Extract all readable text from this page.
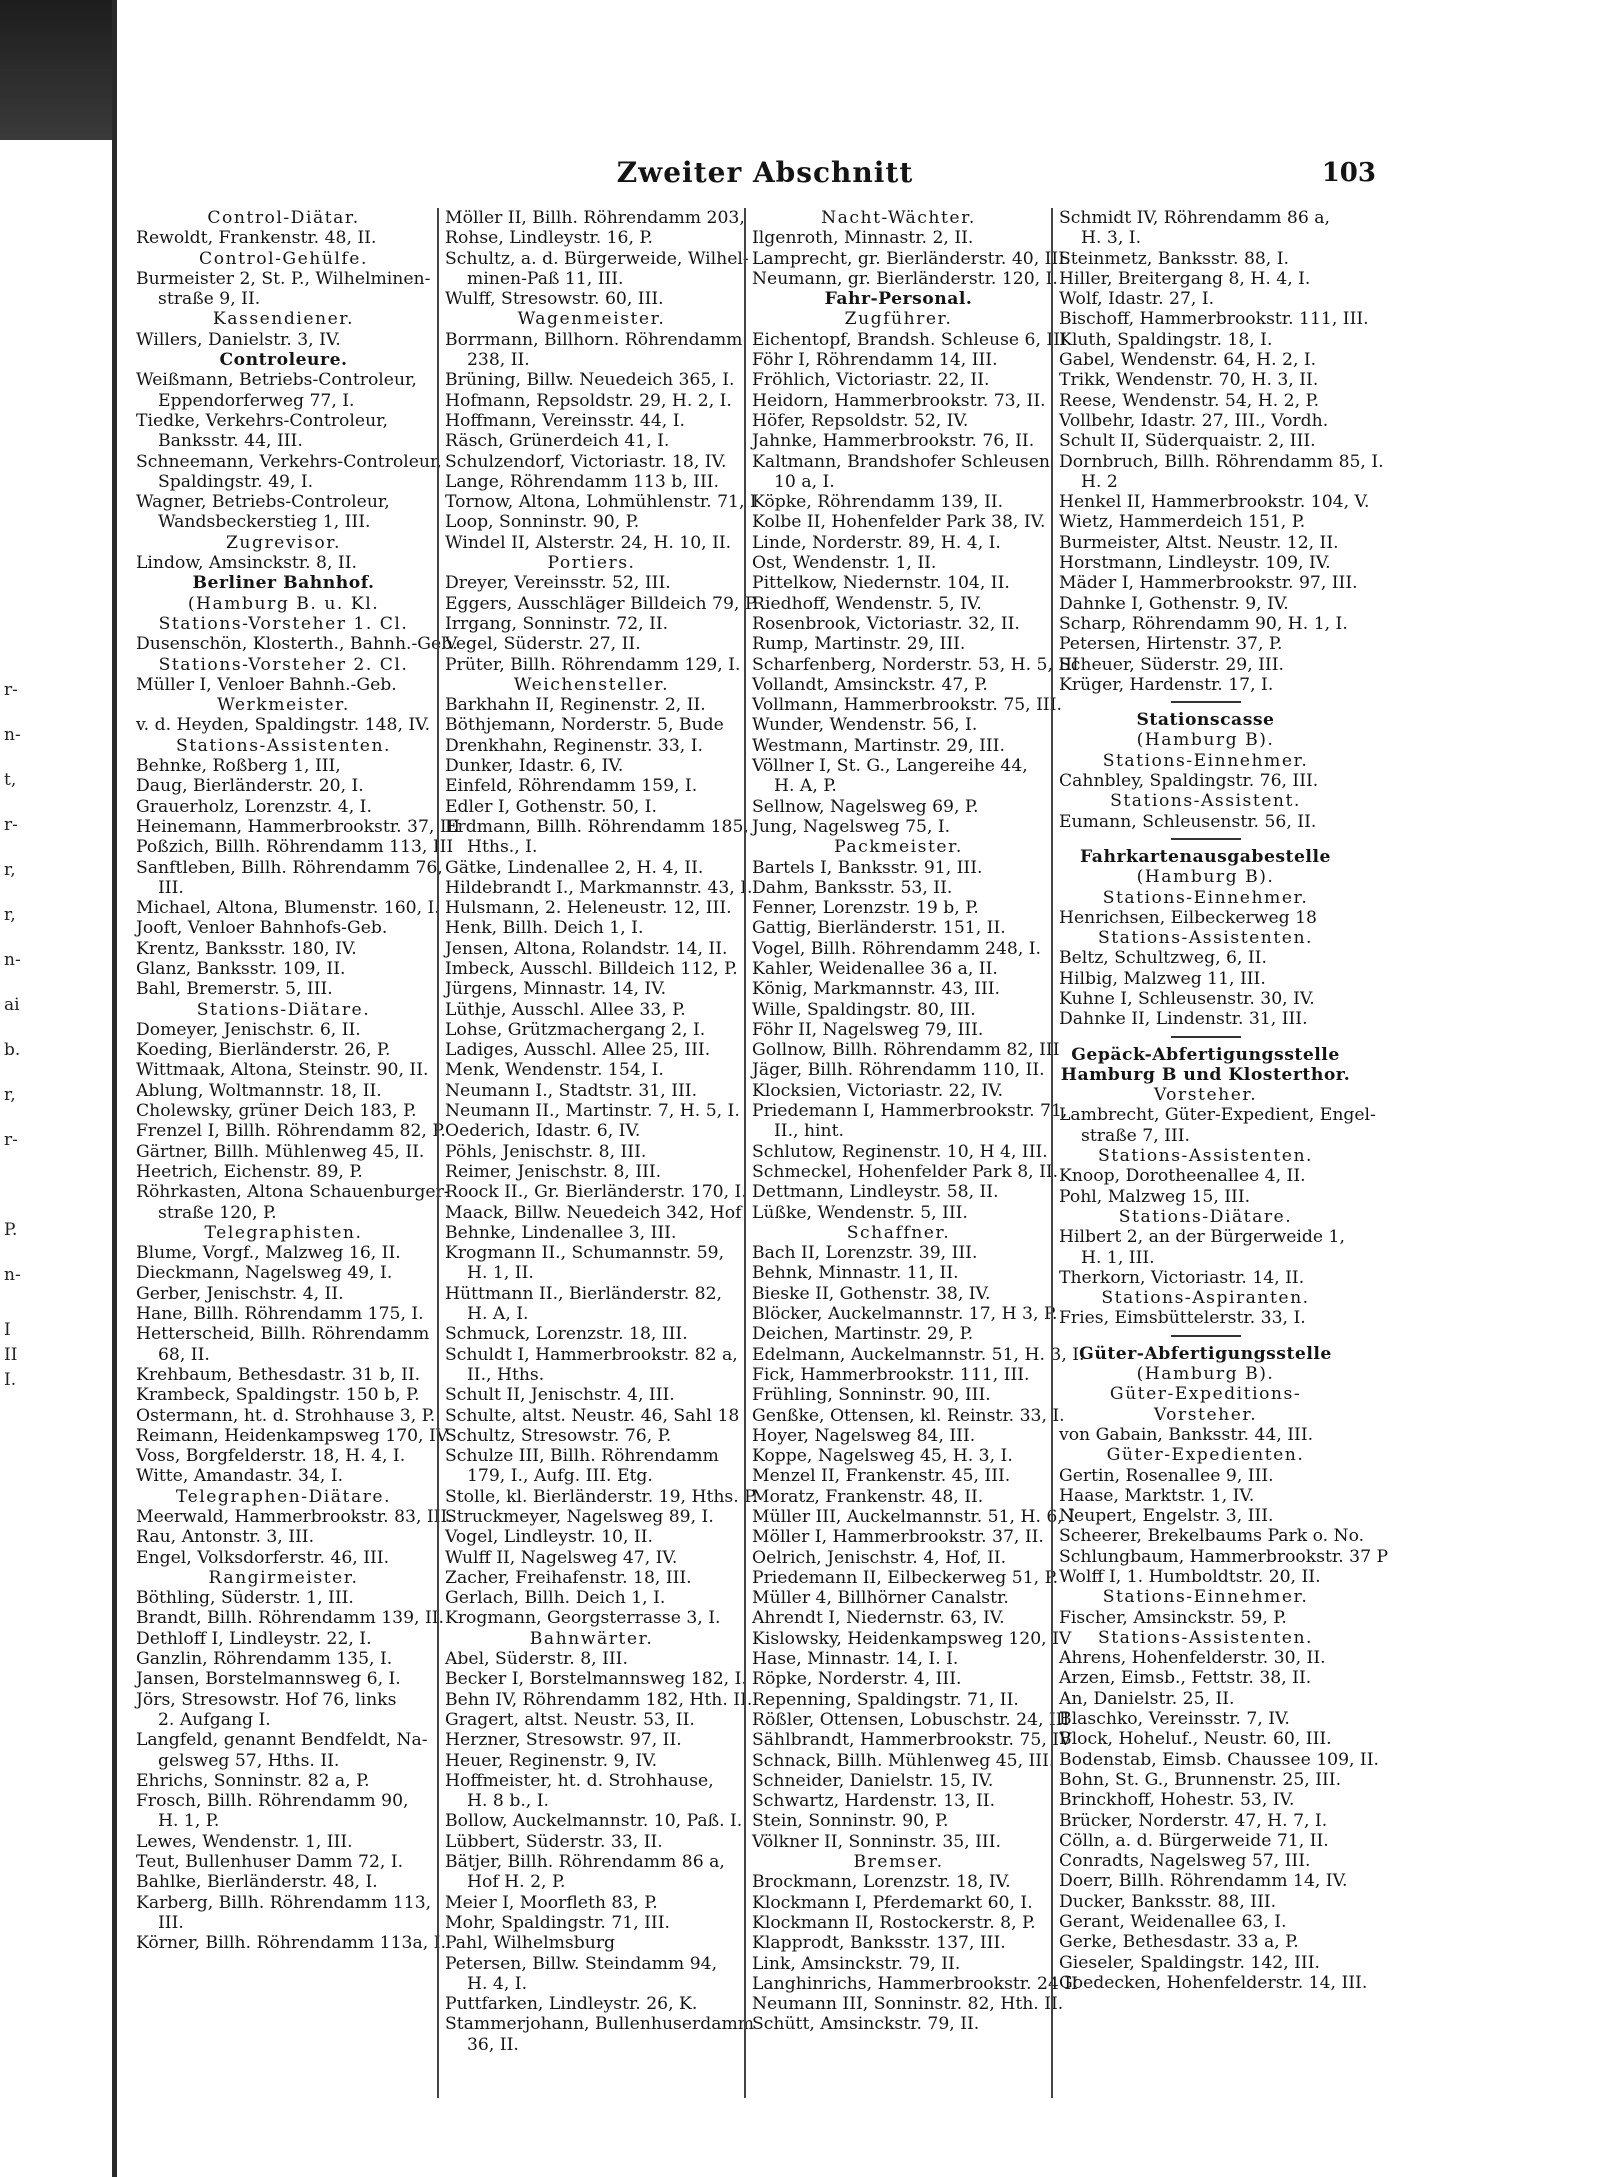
r-
n-
t,
r-
r,
r,
n-
ai
b.
r,
r-
P.
n-
I
II
I.
Zweiter Abschnitt	103
Control-Diätar.
Rewoldt, Frankenstr. 48, II.
Control-Gehülfe.
Burmeister 2, St. P., Wilhelminen-
straße 9, II.
Kassendiener.
Willers, Danielstr. 3, IV.
Controleure.
Weißmann, Betriebs-Controleur,
Eppendorferweg 77, I.
Tiedke, Verkehrs-Controleur,
Banksstr. 44, III.
Schneemann, Verkehrs-Controleur,
Spaldingstr. 49, I.
Wagner, Betriebs-Controleur,
Wandsbeckerstieg 1, III.
Zugrevisor.
Lindow, Amsinckstr. 8, II.
Berliner Bahnhof.
(Hamburg B. u. Kl.
Stations-Vorsteher 1. Cl.
Dusenschön, Klosterth., Bahnh.-Geb.
Stations-Vorsteher 2. Cl.
Müller I, Venloer Bahnh.-Geb.
Werkmeister.
v. d. Heyden, Spaldingstr. 148, IV.
Stations-Assistenten.
Behnke, Roßberg 1, III,
Daug, Bierländerstr. 20, I.
Grauerholz, Lorenzstr. 4, I.
Heinemann, Hammerbrookstr. 37, III
Poßzich, Billh. Röhrendamm 113, III
Sanftleben, Billh. Röhrendamm 76,
III.
Michael, Altona, Blumenstr. 160, I.
Jooft, Venloer Bahnhofs-Geb.
Krentz, Banksstr. 180, IV.
Glanz, Banksstr. 109, II.
Bahl, Bremerstr. 5, III.
Stations-Diätare.
Domeyer, Jenischstr. 6, II.
Koeding, Bierländerstr. 26, P.
Wittmaak, Altona, Steinstr. 90, II.
Ablung, Woltmannstr. 18, II.
Cholewsky, grüner Deich 183, P.
Frenzel I, Billh. Röhrendamm 82, P.
Gärtner, Billh. Mühlenweg 45, II.
Heetrich, Eichenstr. 89, P.
Röhrkasten, Altona Schauenburger-
straße 120, P.
Telegraphisten.
Blume, Vorgf., Malzweg 16, II.
Dieckmann, Nagelsweg 49, I.
Gerber, Jenischstr. 4, II.
Hane, Billh. Röhrendamm 175, I.
Hetterscheid, Billh. Röhrendamm
68, II.
Krehbaum, Bethesdastr. 31 b, II.
Krambeck, Spaldingstr. 150 b, P.
Ostermann, ht. d. Strohhause 3, P.
Reimann, Heidenkampsweg 170, IV.
Voss, Borgfelderstr. 18, H. 4, I.
Witte, Amandastr. 34, I.
Telegraphen-Diätare.
Meerwald, Hammerbrookstr. 83, III.
Rau, Antonstr. 3, III.
Engel, Volksdorferstr. 46, III.
Rangirmeister.
Böthling, Süderstr. 1, III.
Brandt, Billh. Röhrendamm 139, II.
Dethloff I, Lindleystr. 22, I.
Ganzlin, Röhrendamm 135, I.
Jansen, Borstelmannsweg 6, I.
Jörs, Stresowstr. Hof 76, links
2. Aufgang I.
Langfeld, genannt Bendfeldt, Na-
gelsweg 57, Hths. II.
Ehrichs, Sonninstr. 82 a, P.
Frosch, Billh. Röhrendamm 90,
H. 1, P.
Lewes, Wendenstr. 1, III.
Teut, Bullenhuser Damm 72, I.
Bahlke, Bierländerstr. 48, I.
Karberg, Billh. Röhrendamm 113,
III.
Körner, Billh. Röhrendamm 113a, I.
Möller II, Billh. Röhrendamm 203,
Rohse, Lindleystr. 16, P.
Schultz, a. d. Bürgerweide, Wilhel-
minen-Paß 11, III.
Wulff, Stresowstr. 60, III.
Wagenmeister.
Borrmann, Billhorn. Röhrendamm
238, II.
Brüning, Billw. Neuedeich 365, I.
Hofmann, Repsoldstr. 29, H. 2, I.
Hoffmann, Vereinsstr. 44, I.
Räsch, Grünerdeich 41, I.
Schulzendorf, Victoriastr. 18, IV.
Lange, Röhrendamm 113 b, III.
Tornow, Altona, Lohmühlenstr. 71, I
Loop, Sonninstr. 90, P.
Windel II, Alsterstr. 24, H. 10, II.
Portiers.
Dreyer, Vereinsstr. 52, III.
Eggers, Ausschläger Billdeich 79, P.
Irrgang, Sonninstr. 72, II.
Vegel, Süderstr. 27, II.
Prüter, Billh. Röhrendamm 129, I.
Weichensteller.
Barkhahn II, Reginenstr. 2, II.
Böthjemann, Norderstr. 5, Bude
Drenkhahn, Reginenstr. 33, I.
Dunker, Idastr. 6, IV.
Einfeld, Röhrendamm 159, I.
Edler I, Gothenstr. 50, I.
Erdmann, Billh. Röhrendamm 185,
Hths., I.
Gätke, Lindenallee 2, H. 4, II.
Hildebrandt I., Markmannstr. 43, I.
Hulsmann, 2. Heleneustr. 12, III.
Henk, Billh. Deich 1, I.
Jensen, Altona, Rolandstr. 14, II.
Imbeck, Ausschl. Billdeich 112, P.
Jürgens, Minnastr. 14, IV.
Lüthje, Ausschl. Allee 33, P.
Lohse, Grützmachergang 2, I.
Ladiges, Ausschl. Allee 25, III.
Menk, Wendenstr. 154, I.
Neumann I., Stadtstr. 31, III.
Neumann II., Martinstr. 7, H. 5, I.
Oederich, Idastr. 6, IV.
Pöhls, Jenischstr. 8, III.
Reimer, Jenischstr. 8, III.
Roock II., Gr. Bierländerstr. 170, I.
Maack, Billw. Neuedeich 342, Hof
Behnke, Lindenallee 3, III.
Krogmann II., Schumannstr. 59,
H. 1, II.
Hüttmann II., Bierländerstr. 82,
H. A, I.
Schmuck, Lorenzstr. 18, III.
Schuldt I, Hammerbrookstr. 82 a,
II., Hths.
Schult II, Jenischstr. 4, III.
Schulte, altst. Neustr. 46, Sahl 18
Schultz, Stresowstr. 76, P.
Schulze III, Billh. Röhrendamm
179, I., Aufg. III. Etg.
Stolle, kl. Bierländerstr. 19, Hths. P.
Struckmeyer, Nagelsweg 89, I.
Vogel, Lindleystr. 10, II.
Wulff II, Nagelsweg 47, IV.
Zacher, Freihafenstr. 18, III.
Gerlach, Billh. Deich 1, I.
Krogmann, Georgsterrasse 3, I.
Bahnwärter.
Abel, Süderstr. 8, III.
Becker I, Borstelmannsweg 182, I.
Behn IV, Röhrendamm 182, Hth. II.
Gragert, altst. Neustr. 53, II.
Herzner, Stresowstr. 97, II.
Heuer, Reginenstr. 9, IV.
Hoffmeister, ht. d. Strohhause,
H. 8 b., I.
Bollow, Auckelmannstr. 10, Paß. I.
Lübbert, Süderstr. 33, II.
Bätjer, Billh. Röhrendamm 86 a,
Hof H. 2, P.
Meier I, Moorfleth 83, P.
Mohr, Spaldingstr. 71, III.
Pahl, Wilhelmsburg
Petersen, Billw. Steindamm 94,
H. 4, I.
Puttfarken, Lindleystr. 26, K.
Stammerjohann, Bullenhuserdamm
36, II.
Nacht-Wächter.
Ilgenroth, Minnastr. 2, II.
Lamprecht, gr. Bierländerstr. 40, III.
Neumann, gr. Bierländerstr. 120, I.
Fahr-Personal.
Zugführer.
Eichentopf, Brandsh. Schleuse 6, III.
Föhr I, Röhrendamm 14, III.
Fröhlich, Victoriastr. 22, II.
Heidorn, Hammerbrookstr. 73, II.
Höfer, Repsoldstr. 52, IV.
Jahnke, Hammerbrookstr. 76, II.
Kaltmann, Brandshofer Schleusen
10 a, I.
Köpke, Röhrendamm 139, II.
Kolbe II, Hohenfelder Park 38, IV.
Linde, Norderstr. 89, H. 4, I.
Ost, Wendenstr. 1, II.
Pittelkow, Niedernstr. 104, II.
Riedhoff, Wendenstr. 5, IV.
Rosenbrook, Victoriastr. 32, II.
Rump, Martinstr. 29, III.
Scharfenberg, Norderstr. 53, H. 5, III
Vollandt, Amsinckstr. 47, P.
Vollmann, Hammerbrookstr. 75, III.
Wunder, Wendenstr. 56, I.
Westmann, Martinstr. 29, III.
Völlner I, St. G., Langereihe 44,
H. A, P.
Sellnow, Nagelsweg 69, P.
Jung, Nagelsweg 75, I.
Packmeister.
Bartels I, Banksstr. 91, III.
Dahm, Banksstr. 53, II.
Fenner, Lorenzstr. 19 b, P.
Gattig, Bierländerstr. 151, II.
Vogel, Billh. Röhrendamm 248, I.
Kahler, Weidenallee 36 a, II.
König, Markmannstr. 43, III.
Wille, Spaldingstr. 80, III.
Föhr II, Nagelsweg 79, III.
Gollnow, Billh. Röhrendamm 82, III
Jäger, Billh. Röhrendamm 110, II.
Klocksien, Victoriastr. 22, IV.
Priedemann I, Hammerbrookstr. 71,
II., hint.
Schlutow, Reginenstr. 10, H 4, III.
Schmeckel, Hohenfelder Park 8, II.
Dettmann, Lindleystr. 58, II.
Lüßke, Wendenstr. 5, III.
Schaffner.
Bach II, Lorenzstr. 39, III.
Behnk, Minnastr. 11, II.
Bieske II, Gothenstr. 38, IV.
Blöcker, Auckelmannstr. 17, H 3, P.
Deichen, Martinstr. 29, P.
Edelmann, Auckelmannstr. 51, H. 3, I.
Fick, Hammerbrookstr. 111, III.
Frühling, Sonninstr. 90, III.
Genßke, Ottensen, kl. Reinstr. 33, I.
Hoyer, Nagelsweg 84, III.
Koppe, Nagelsweg 45, H. 3, I.
Menzel II, Frankenstr. 45, III.
Moratz, Frankenstr. 48, II.
Müller III, Auckelmannstr. 51, H. 6, I
Möller I, Hammerbrookstr. 37, II.
Oelrich, Jenischstr. 4, Hof, II.
Priedemann II, Eilbeckerweg 51, P.
Müller 4, Billhörner Canalstr.
Ahrendt I, Niedernstr. 63, IV.
Kislowsky, Heidenkampsweg 120, IV
Hase, Minnastr. 14, I. I.
Röpke, Norderstr. 4, III.
Repenning, Spaldingstr. 71, II.
Rößler, Ottensen, Lobuschstr. 24, III
Sählbrandt, Hammerbrookstr. 75, IV
Schnack, Billh. Mühlenweg 45, III.
Schneider, Danielstr. 15, IV.
Schwartz, Hardenstr. 13, II.
Stein, Sonninstr. 90, P.
Völkner II, Sonninstr. 35, III.
Bremser.
Brockmann, Lorenzstr. 18, IV.
Klockmann I, Pferdemarkt 60, I.
Klockmann II, Rostockerstr. 8, P.
Klapprodt, Banksstr. 137, III.
Link, Amsinckstr. 79, II.
Langhinrichs, Hammerbrookstr. 24 II
Neumann III, Sonninstr. 82, Hth. II.
Schütt, Amsinckstr. 79, II.
Schmidt IV, Röhrendamm 86 a,
H. 3, I.
Steinmetz, Banksstr. 88, I.
Hiller, Breitergang 8, H. 4, I.
Wolf, Idastr. 27, I.
Bischoff, Hammerbrookstr. 111, III.
Kluth, Spaldingstr. 18, I.
Gabel, Wendenstr. 64, H. 2, I.
Trikk, Wendenstr. 70, H. 3, II.
Reese, Wendenstr. 54, H. 2, P.
Vollbehr, Idastr. 27, III., Vordh.
Schult II, Süderquaistr. 2, III.
Dornbruch, Billh. Röhrendamm 85, I.
H. 2
Henkel II, Hammerbrookstr. 104, V.
Wietz, Hammerdeich 151, P.
Burmeister, Altst. Neustr. 12, II.
Horstmann, Lindleystr. 109, IV.
Mäder I, Hammerbrookstr. 97, III.
Dahnke I, Gothenstr. 9, IV.
Scharp, Röhrendamm 90, H. 1, I.
Petersen, Hirtenstr. 37, P.
Scheuer, Süderstr. 29, III.
Krüger, Hardenstr. 17, I.
Stationscasse
(Hamburg B).
Stations-Einnehmer.
Cahnbley, Spaldingstr. 76, III.
Stations-Assistent.
Eumann, Schleusenstr. 56, II.
Fahrkartenausgabestelle
(Hamburg B).
Stations-Einnehmer.
Henrichsen, Eilbeckerweg 18
Stations-Assistenten.
Beltz, Schultzweg, 6, II.
Hilbig, Malzweg 11, III.
Kuhne I, Schleusenstr. 30, IV.
Dahnke II, Lindenstr. 31, III.
Gepäck-Abfertigungsstelle
Hamburg B und Klosterthor.
Vorsteher.
Lambrecht, Güter-Expedient, Engel-
straße 7, III.
Stations-Assistenten.
Knoop, Dorotheenallee 4, II.
Pohl, Malzweg 15, III.
Stations-Diätare.
Hilbert 2, an der Bürgerweide 1,
H. 1, III.
Therkorn, Victoriastr. 14, II.
Stations-Aspiranten.
Fries, Eimsbüttelerstr. 33, I.
Güter-Abfertigungsstelle
(Hamburg B).
Güter-Expeditions-
Vorsteher.
von Gabain, Banksstr. 44, III.
Güter-Expedienten.
Gertin, Rosenallee 9, III.
Haase, Marktstr. 1, IV.
Neupert, Engelstr. 3, III.
Scheerer, Brekelbaums Park o. No.
Schlungbaum, Hammerbrookstr. 37 P
Wolff I, 1. Humboldtstr. 20, II.
Stations-Einnehmer.
Fischer, Amsinckstr. 59, P.
Stations-Assistenten.
Ahrens, Hohenfelderstr. 30, II.
Arzen, Eimsb., Fettstr. 38, II.
An, Danielstr. 25, II.
Blaschko, Vereinsstr. 7, IV.
Block, Hoheluf., Neustr. 60, III.
Bodenstab, Eimsb. Chaussee 109, II.
Bohn, St. G., Brunnenstr. 25, III.
Brinckhoff, Hohestr. 53, IV.
Brücker, Norderstr. 47, H. 7, I.
Cölln, a. d. Bürgerweide 71, II.
Conradts, Nagelsweg 57, III.
Doerr, Billh. Röhrendamm 14, IV.
Ducker, Banksstr. 88, III.
Gerant, Weidenallee 63, I.
Gerke, Bethesdastr. 33 a, P.
Gieseler, Spaldingstr. 142, III.
Goedecken, Hohenfelderstr. 14, III.
